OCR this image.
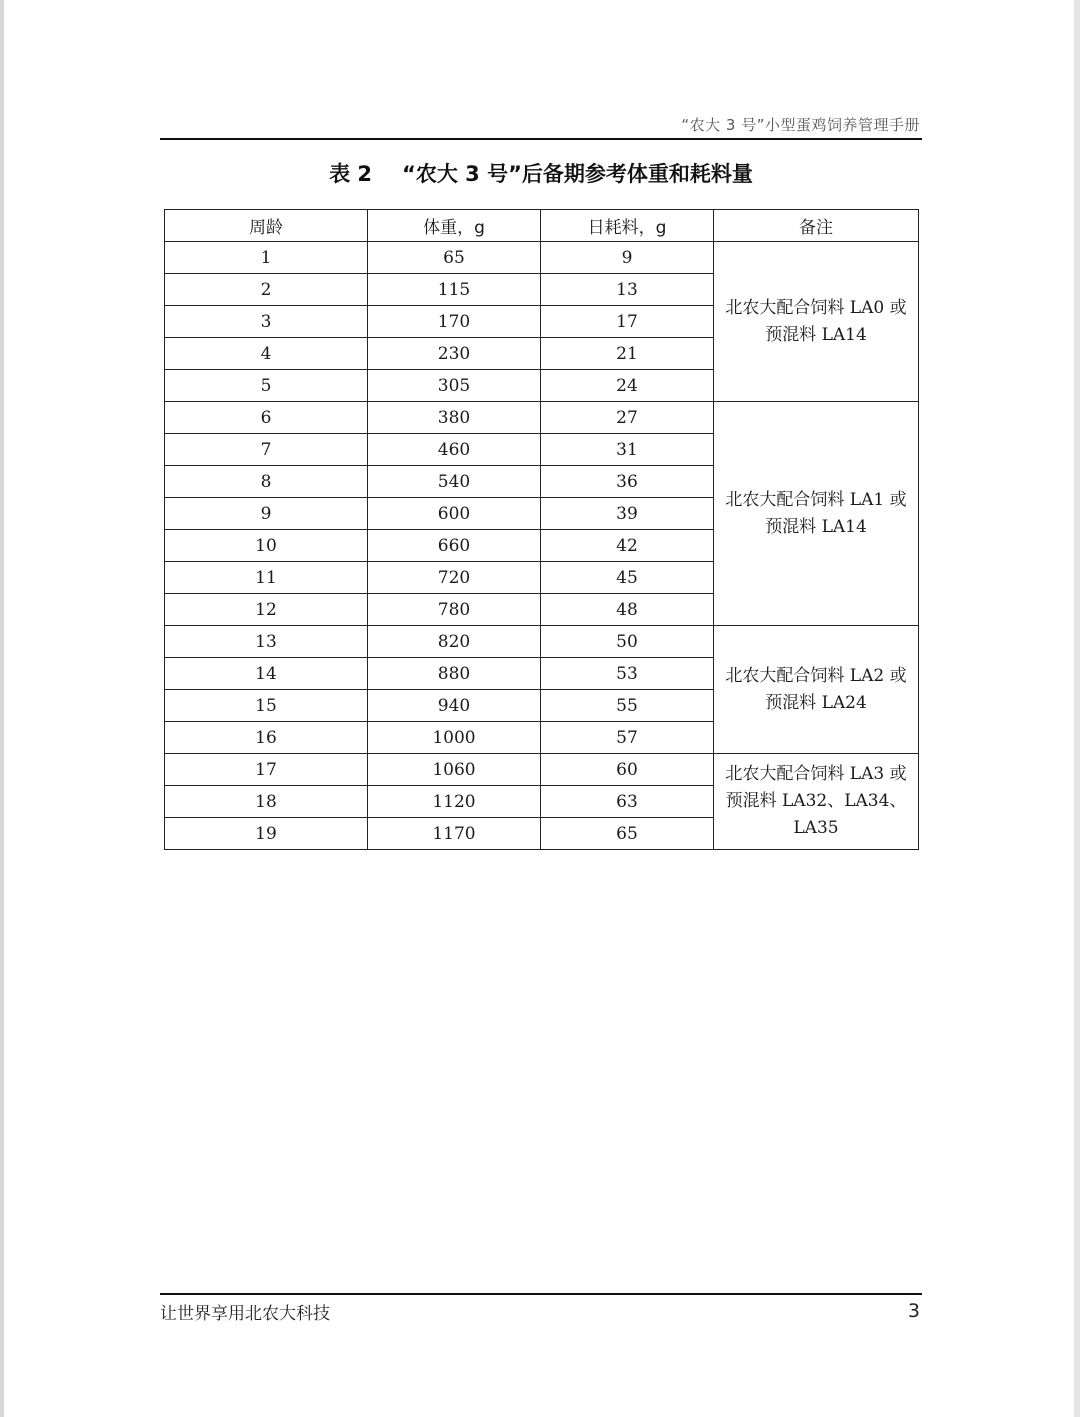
“农大 3 号”小型蛋鸡饲养管理手册
表 2 “农大 3 号”后备期参考体重和耗料量
周龄	体重，g	日耗料，g	备注
1	65	9	北农大配合饲料 LA0 或
预混料 LA14

2	115	13	
3	170	17	
4	230	21	
5	305	24	
6	380	27	北农大配合饲料 LA1 或
预混料 LA14

7	460	31	
8	540	36	
9	600	39	
10	660	42	
11	720	45	
12	780	48	
13	820	50	北农大配合饲料 LA2 或
预混料 LA24

14	880	53	
15	940	55	
16	1000	57	
17	1060	60	北农大配合饲料 LA3 或
预混料 LA32、LA34、
LA35

18	1120	63	
19	1170	65	
让世界享用北农大科技	3
